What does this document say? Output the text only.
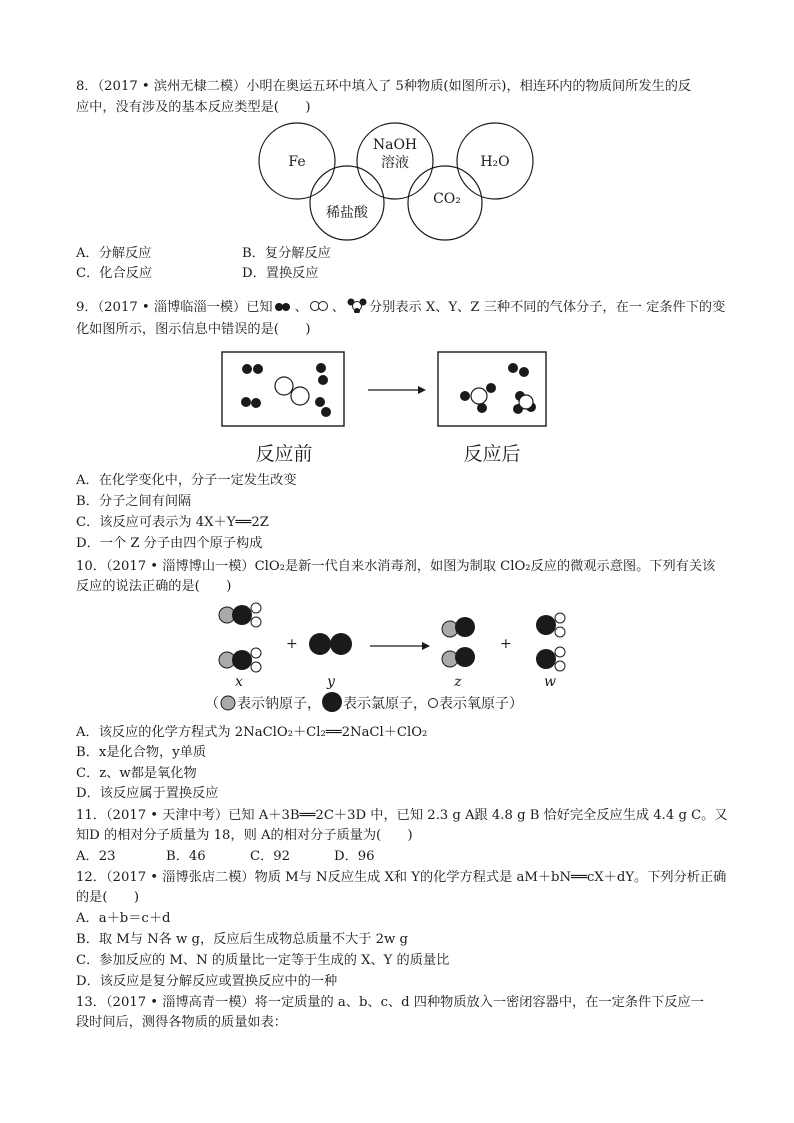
8．（2017 • 滨州无棣二模）小明在奥运五环中填入了 5种物质(如图所示)，相连环内的物质间所发生的反
应中，没有涉及的基本反应类型是(　　)
Fe
NaOH
溶液	H₂O
稀盐酸
CO₂
A．分解反应	B．复分解反应
C．化合反应	D．置换反应
9．（2017 • 淄博临淄一模）已知 、 、 分别表示 X、Y、Z 三种不同的气体分子，在一 定条件下的变
化如图所示，图示信息中错误的是(　　)
反应前	反应后
A．在化学变化中，分子一定发生改变
B．分子之间有间隔
C．该反应可表示为 4X＋Y══2Z
D．一个 Z 分子由四个原子构成
10．（2017 • 淄博博山一模）ClO₂是新一代自来水消毒剂，如图为制取 ClO₂反应的微观示意图。下列有关该
反应的说法正确的是(　　)
+	+
x	y	z	w
（ 表示钠原子， 表示氯原子， 表示氧原子）
A．该反应的化学方程式为 2NaClO₂＋Cl₂══2NaCl＋ClO₂
B．x是化合物，y单质
C．z、w都是氧化物
D．该反应属于置换反应
11．（2017 • 天津中考）已知 A＋3B══2C＋3D 中，已知 2.3 g A跟 4.8 g B 恰好完全反应生成 4.4 g C。又
知D 的相对分子质量为 18，则 A的相对分子质量为(　　)
A．23	B．46	C．92	D．96
12．（2017 • 淄博张店二模）物质 M与 N反应生成 X和 Y的化学方程式是 aM＋bN══cX＋dY。下列分析正确
的是(　　)
A．a＋b＝c＋d
B．取 M与 N各 w g，反应后生成物总质量不大于 2w g
C．参加反应的 M、N 的质量比一定等于生成的 X、Y 的质量比
D．该反应是复分解反应或置换反应中的一种
13．（2017 • 淄博高青一模）将一定质量的 a、b、c、d 四种物质放入一密闭容器中，在一定条件下反应一
段时间后，测得各物质的质量如表：
